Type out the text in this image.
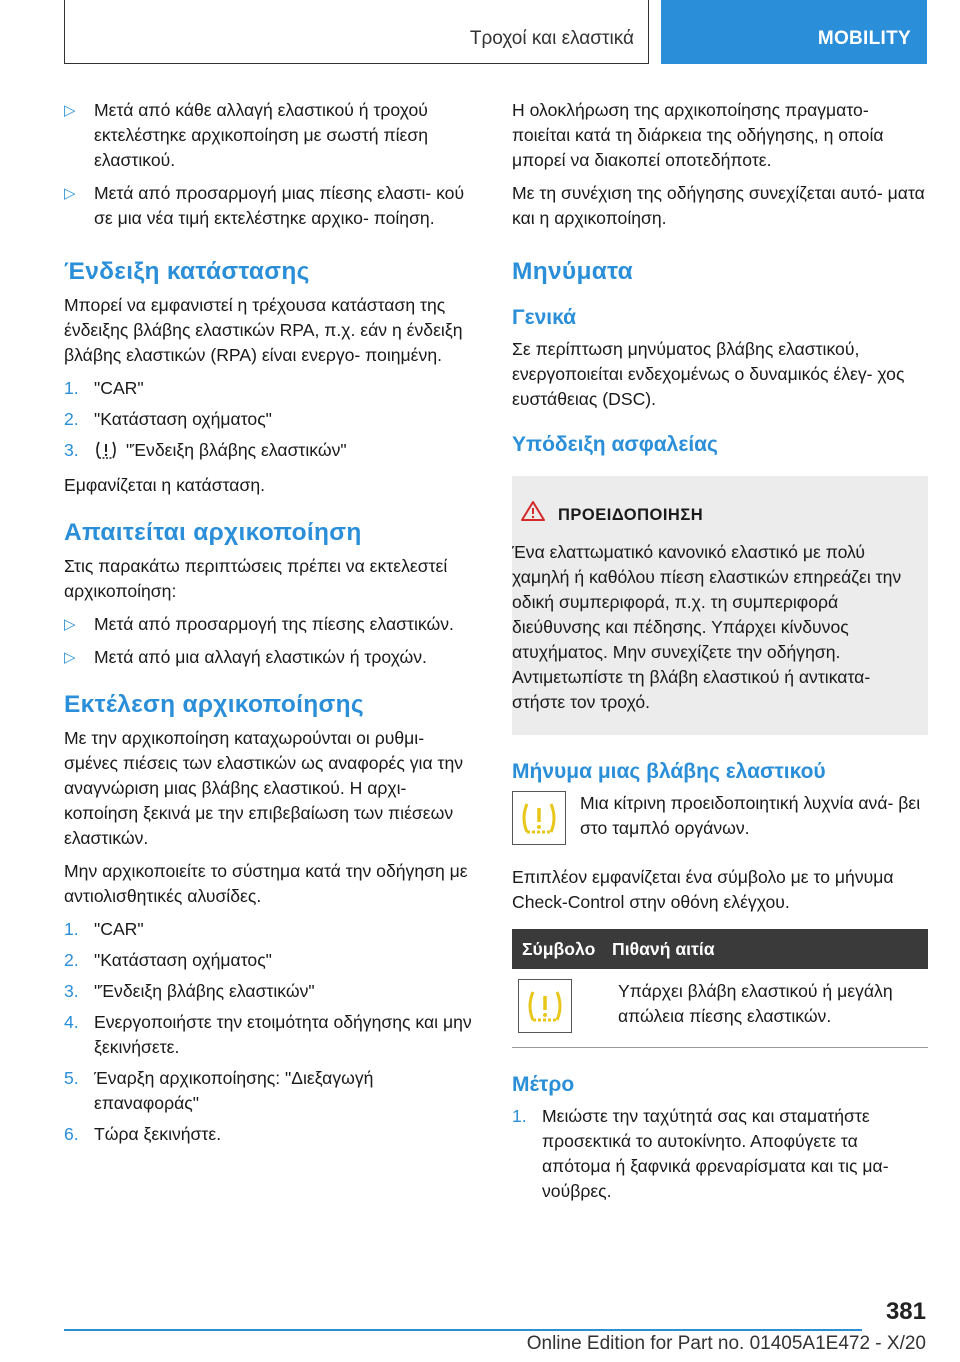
Τροχοί και ελαστικά	MOBILITY
▷ Μετά από κάθε αλλαγή ελαστικού ή τροχού εκτελέστηκε αρχικοποίηση με σωστή πίεση ελαστικού.
▷ Μετά από προσαρμογή μιας πίεσης ελαστι- κού σε μια νέα τιμή εκτελέστηκε αρχικο- ποίηση.
Ένδειξη κατάστασης

Μπορεί να εμφανιστεί η τρέχουσα κατάσταση της ένδειξης βλάβης ελαστικών RPA, π.χ. εάν η ένδειξη βλάβης ελαστικών (RPA) είναι ενεργο- ποιημένη.

1. "CAR"
2. "Κατάσταση οχήματος"
3.	"Ένδειξη βλάβης ελαστικών"

Εμφανίζεται η κατάσταση.

Απαιτείται αρχικοποίηση

Στις παρακάτω περιπτώσεις πρέπει να εκτελεστεί αρχικοποίηση:

▷ Μετά από προσαρμογή της πίεσης ελαστικών.
▷ Μετά από μια αλλαγή ελαστικών ή τροχών.
Εκτέλεση αρχικοποίησης

Με την αρχικοποίηση καταχωρούνται οι ρυθμι- σμένες πιέσεις των ελαστικών ως αναφορές για την αναγνώριση μιας βλάβης ελαστικού. Η αρχι- κοποίηση ξεκινά με την επιβεβαίωση των πιέσεων ελαστικών.

Μην αρχικοποιείτε το σύστημα κατά την οδήγηση με αντιολισθητικές αλυσίδες.

1. "CAR"
2. "Κατάσταση οχήματος"
3. "Ένδειξη βλάβης ελαστικών"
4. Ενεργοποιήστε την ετοιμότητα οδήγησης και μην ξεκινήσετε.
5. Έναρξη αρχικοποίησης: "Διεξαγωγή επαναφοράς"
6. Τώρα ξεκινήστε.

Η ολοκλήρωση της αρχικοποίησης πραγματο- ποιείται κατά τη διάρκεια της οδήγησης, η οποία μπορεί να διακοπεί οποτεδήποτε.

Με τη συνέχιση της οδήγησης συνεχίζεται αυτό- ματα και η αρχικοποίηση.

Μηνύματα
Γενικά

Σε περίπτωση μηνύματος βλάβης ελαστικού, ενεργοποιείται ενδεχομένως ο δυναμικός έλεγ- χος ευστάθειας (DSC).

Υπόδειξη ασφαλείας
ΠΡΟΕΙΔΟΠΟΙΗΣΗ

Ένα ελαττωματικό κανονικό ελαστικό με πολύ χαμηλή ή καθόλου πίεση ελαστικών επηρεάζει την οδική συμπεριφορά, π.χ. τη συμπεριφορά διεύθυνσης και πέδησης. Υπάρχει κίνδυνος ατυχήματος. Μην συνεχίζετε την οδήγηση. Αντιμετωπίστε τη βλάβη ελαστικού ή αντικατα- στήστε τον τροχό.

Μήνυμα μιας βλάβης ελαστικού

Μια κίτρινη προειδοποιητική λυχνία ανά- βει στο ταμπλό οργάνων.

Επιπλέον εμφανίζεται ένα σύμβολο με το μήνυμα Check-Control στην οθόνη ελέγχου.

Σύμβολο Πιθανή αιτία
Υπάρχει βλάβη ελαστικού ή μεγάλη απώλεια πίεσης ελαστικών.
Μέτρο
1. Μειώστε την ταχύτητά σας και σταματήστε προσεκτικά το αυτοκίνητο. Αποφύγετε τα απότομα ή ξαφνικά φρεναρίσματα και τις μα- νούβρες.
381
Online Edition for Part no. 01405A1E472 - X/20
